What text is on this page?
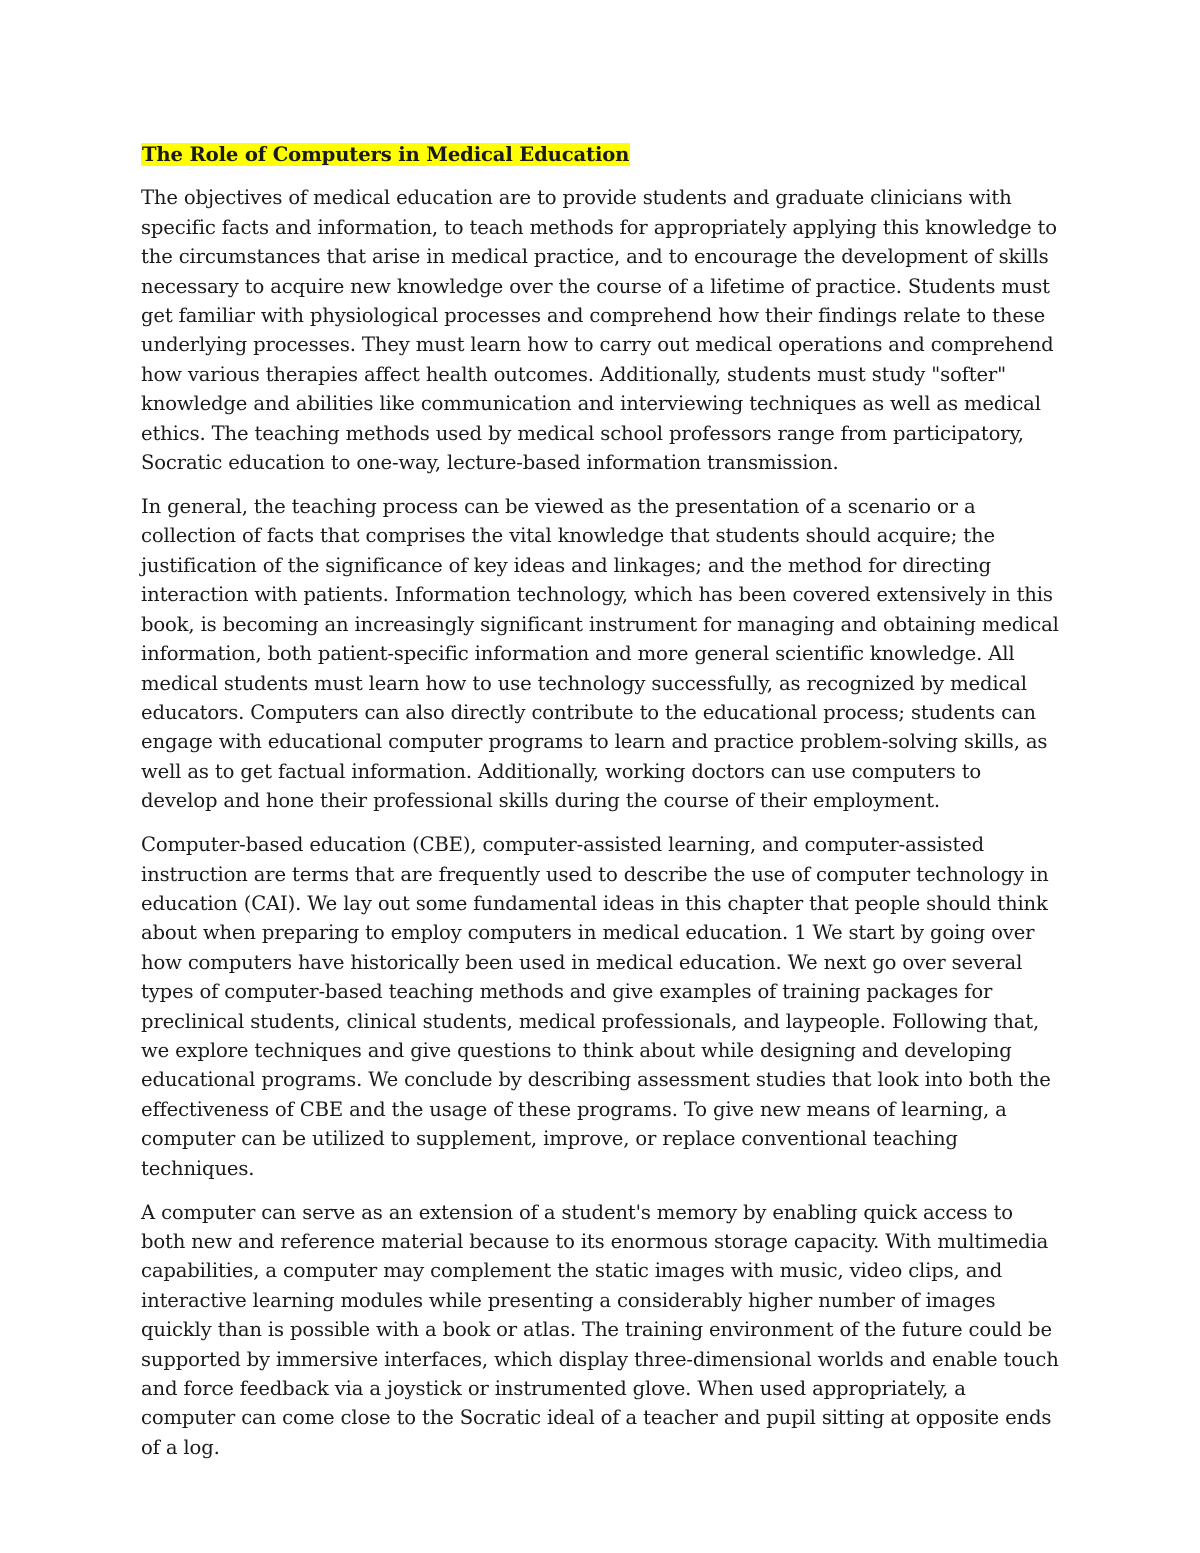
The Role of Computers in Medical Education

The objectives of medical education are to provide students and graduate clinicians with specific facts and information, to teach methods for appropriately applying this knowledge to the circumstances that arise in medical practice, and to encourage the development of skills necessary to acquire new knowledge over the course of a lifetime of practice. Students must get familiar with physiological processes and comprehend how their findings relate to these underlying processes. They must learn how to carry out medical operations and comprehend how various therapies affect health outcomes. Additionally, students must study "softer" knowledge and abilities like communication and interviewing techniques as well as medical ethics. The teaching methods used by medical school professors range from participatory, Socratic education to one-way, lecture-based information transmission.

In general, the teaching process can be viewed as the presentation of a scenario or a collection of facts that comprises the vital knowledge that students should acquire; the justification of the significance of key ideas and linkages; and the method for directing interaction with patients. Information technology, which has been covered extensively in this book, is becoming an increasingly significant instrument for managing and obtaining medical information, both patient-specific information and more general scientific knowledge. All medical students must learn how to use technology successfully, as recognized by medical educators. Computers can also directly contribute to the educational process; students can engage with educational computer programs to learn and practice problem-solving skills, as well as to get factual information. Additionally, working doctors can use computers to develop and hone their professional skills during the course of their employment.

Computer-based education (CBE), computer-assisted learning, and computer-assisted instruction are terms that are frequently used to describe the use of computer technology in education (CAI). We lay out some fundamental ideas in this chapter that people should think about when preparing to employ computers in medical education. 1 We start by going over how computers have historically been used in medical education. We next go over several types of computer-based teaching methods and give examples of training packages for preclinical students, clinical students, medical professionals, and laypeople. Following that, we explore techniques and give questions to think about while designing and developing educational programs. We conclude by describing assessment studies that look into both the effectiveness of CBE and the usage of these programs. To give new means of learning, a computer can be utilized to supplement, improve, or replace conventional teaching techniques.

A computer can serve as an extension of a student's memory by enabling quick access to both new and reference material because to its enormous storage capacity. With multimedia capabilities, a computer may complement the static images with music, video clips, and interactive learning modules while presenting a considerably higher number of images quickly than is possible with a book or atlas. The training environment of the future could be supported by immersive interfaces, which display three-dimensional worlds and enable touch and force feedback via a joystick or instrumented glove. When used appropriately, a computer can come close to the Socratic ideal of a teacher and pupil sitting at opposite ends of a log.
